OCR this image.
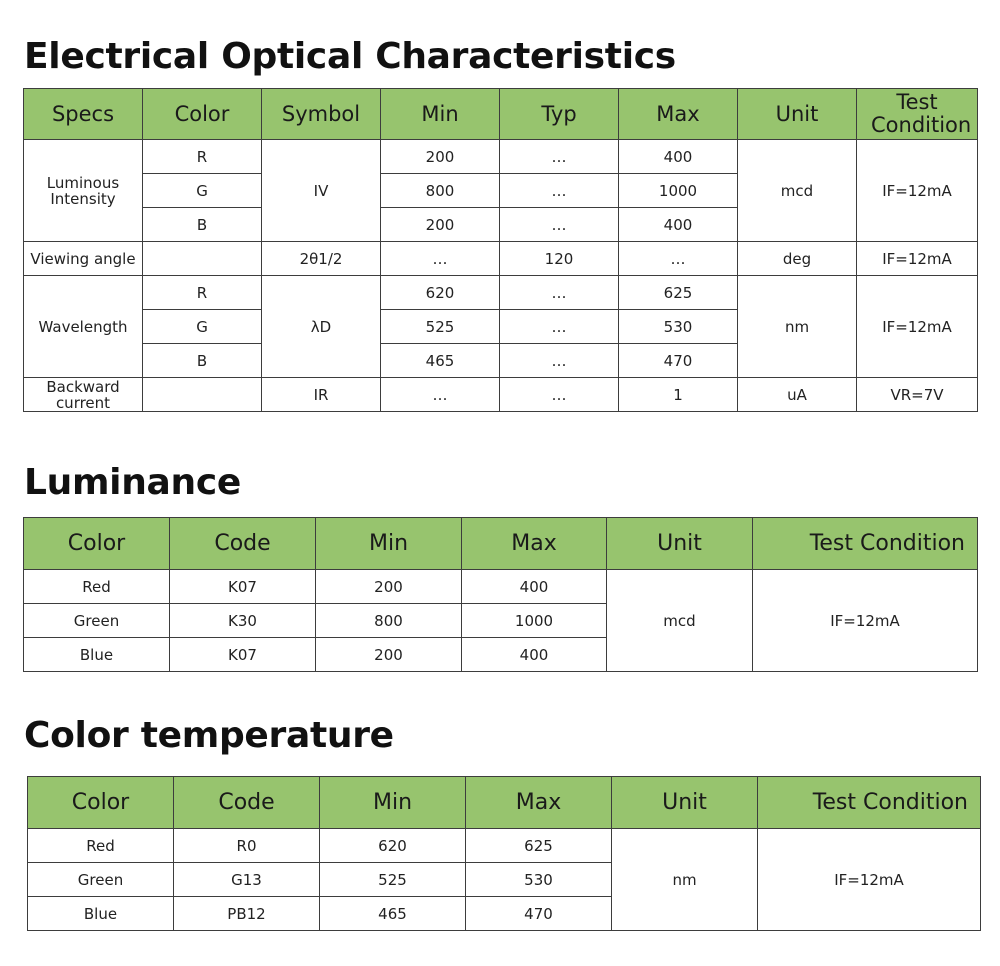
Electrical Optical Characteristics
Specs	Color	Symbol	Min	Typ	Max	Unit	Test Condition
Luminous Intensity	R	IV	200	…	400	mcd	IF=12mA
	G		800	…	1000		
	B		200	…	400		
Viewing angle		2θ1/2	…	120	…	deg	IF=12mA
Wavelength	R	λD	620	…	625	nm	IF=12mA
	G		525	…	530		
	B		465	…	470		
Backward current		IR	…	…	1	uA	VR=7V
Luminance
Color	Code	Min	Max	Unit	Test Condition
Red	K07	200	400	mcd	IF=12mA
Green	K30	800	1000		
Blue	K07	200	400		
Color temperature
Color	Code	Min	Max	Unit	Test Condition
Red	R0	620	625	nm	IF=12mA
Green	G13	525	530		
Blue	PB12	465	470		
